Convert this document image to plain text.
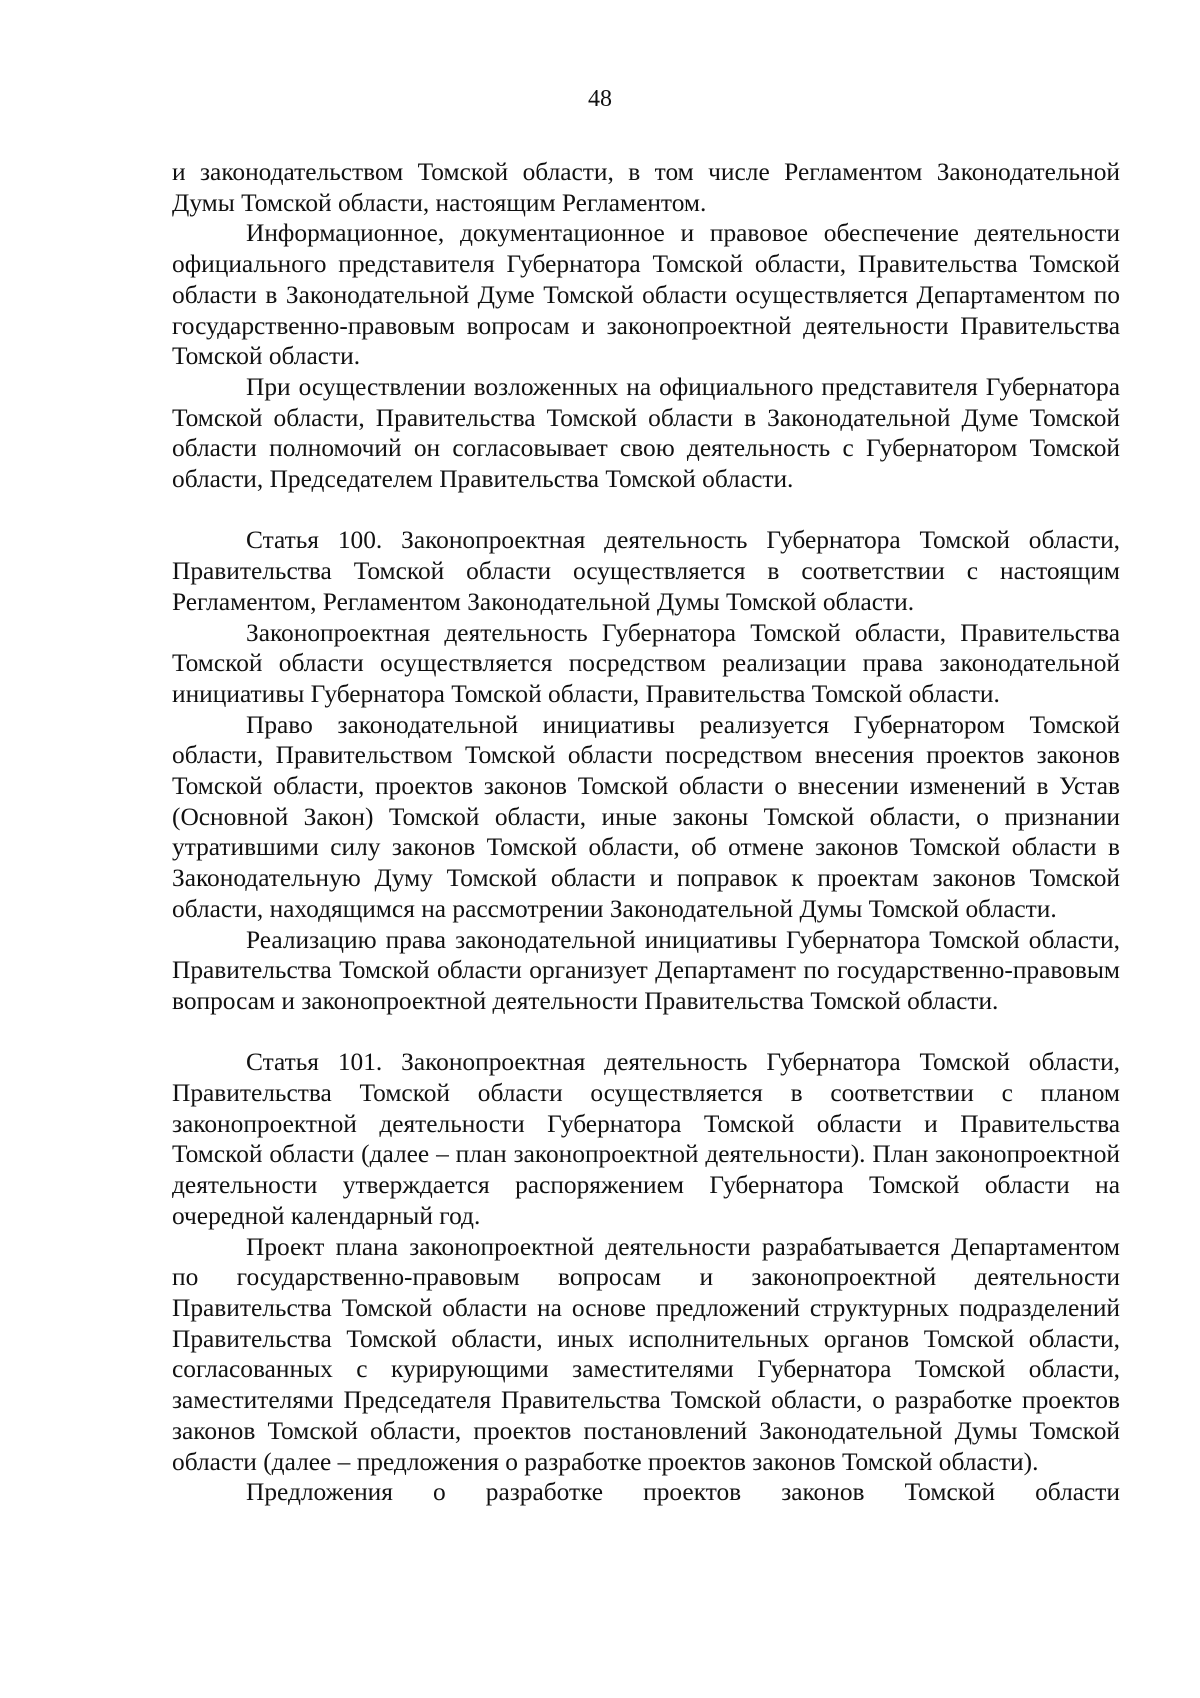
48

и законодательством Томской области, в том числе Регламентом Законодательной Думы Томской области, настоящим Регламентом.

Информационное, документационное и правовое обеспечение деятельности официального представителя Губернатора Томской области, Правительства Томской области в Законодательной Думе Томской области осуществляется Департаментом по государственно-правовым вопросам и законопроектной деятельности Правительства Томской области.

При осуществлении возложенных на официального представителя Губернатора Томской области, Правительства Томской области в Законодательной Думе Томской области полномочий он согласовывает свою деятельность с Губернатором Томской области, Председателем Правительства Томской области.

Статья 100. Законопроектная деятельность Губернатора Томской области, Правительства Томской области осуществляется в соответствии с настоящим Регламентом, Регламентом Законодательной Думы Томской области.

Законопроектная деятельность Губернатора Томской области, Правительства Томской области осуществляется посредством реализации права законодательной инициативы Губернатора Томской области, Правительства Томской области.

Право законодательной инициативы реализуется Губернатором Томской области, Правительством Томской области посредством внесения проектов законов Томской области, проектов законов Томской области о внесении изменений в Устав (Основной Закон) Томской области, иные законы Томской области, о признании утратившими силу законов Томской области, об отмене законов Томской области в Законодательную Думу Томской области и поправок к проектам законов Томской области, находящимся на рассмотрении Законодательной Думы Томской области.

Реализацию права законодательной инициативы Губернатора Томской области, Правительства Томской области организует Департамент по государственно-правовым вопросам и законопроектной деятельности Правительства Томской области.

Статья 101. Законопроектная деятельность Губернатора Томской области, Правительства Томской области осуществляется в соответствии с планом законопроектной деятельности Губернатора Томской области и Правительства Томской области (далее – план законопроектной деятельности). План законопроектной деятельности утверждается распоряжением Губернатора Томской области на очередной календарный год.

Проект плана законопроектной деятельности разрабатывается Департаментом по государственно-правовым вопросам и законопроектной деятельности Правительства Томской области на основе предложений структурных подразделений Правительства Томской области, иных исполнительных органов Томской области, согласованных с курирующими заместителями Губернатора Томской области, заместителями Председателя Правительства Томской области, о разработке проектов законов Томской области, проектов постановлений Законодательной Думы Томской области (далее – предложения о разработке проектов законов Томской области).

Предложения о разработке проектов законов Томской области
